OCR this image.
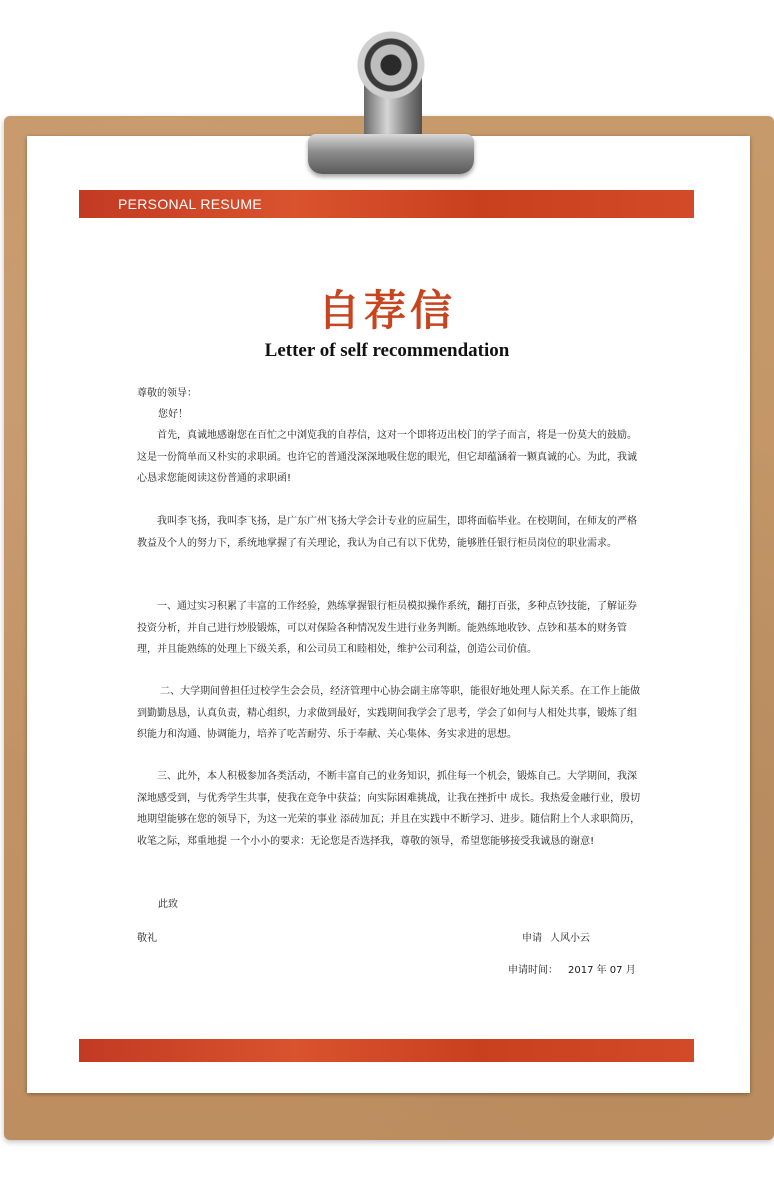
PERSONAL RESUME
自荐信
Letter of self recommendation
尊敬的领导：
您好！

　　首先，真诚地感谢您在百忙之中浏览我的自荐信，这对一个即将迈出校门的学子而言，将是一份莫大的鼓励。这是一份简单而又朴实的求职函。也许它的普通没深深地吸住您的眼光，但它却蕴涵着一颗真诚的心。为此，我诚心恳求您能阅读这份普通的求职函!

　　我叫李飞扬，我叫李飞扬，是广东广州飞扬大学会计专业的应届生，即将面临毕业。在校期间，在师友的严格 教益及个人的努力下，系统地掌握了有关理论，我认为自己有以下优势，能够胜任银行柜员岗位的职业需求。

　　一、通过实习积累了丰富的工作经验，熟练掌握银行柜员模拟操作系统，翻打百张，多种点钞技能，了解证券投资分析，并自己进行炒股锻炼，可以对保险各种情况发生进行业务判断。能熟练地收钞、点钞和基本的财务管理，并且能熟练的处理上下级关系，和公司员工和睦相处，维护公司利益，创造公司价值。

　　 二、大学期间曾担任过校学生会会员，经济管理中心协会副主席等职，能很好地处理人际关系。在工作上能做到勤勤恳恳，认真负责，精心组织，力求做到最好，实践期间我学会了思考，学会了如何与人相处共事，锻炼了组织能力和沟通、协调能力，培养了吃苦耐劳、乐于奉献、关心集体、务实求进的思想。

　　三、此外，本人积极参加各类活动，不断丰富自己的业务知识，抓住每一个机会，锻炼自己。大学期间，我深深地感受到，与优秀学生共事，使我在竞争中获益；向实际困难挑战，让我在挫折中 成长。我热爱金融行业，殷切地期望能够在您的领导下，为这一光荣的事业 添砖加瓦；并且在实践中不断学习、进步。随信附上个人求职简历，收笔之际，郑重地提 一个小小的要求：无论您是否选择我，尊敬的领导，希望您能够接受我诚恳的谢意!

此致
敬礼	申请 人风小云
申请时间： 2017 年 07 月
